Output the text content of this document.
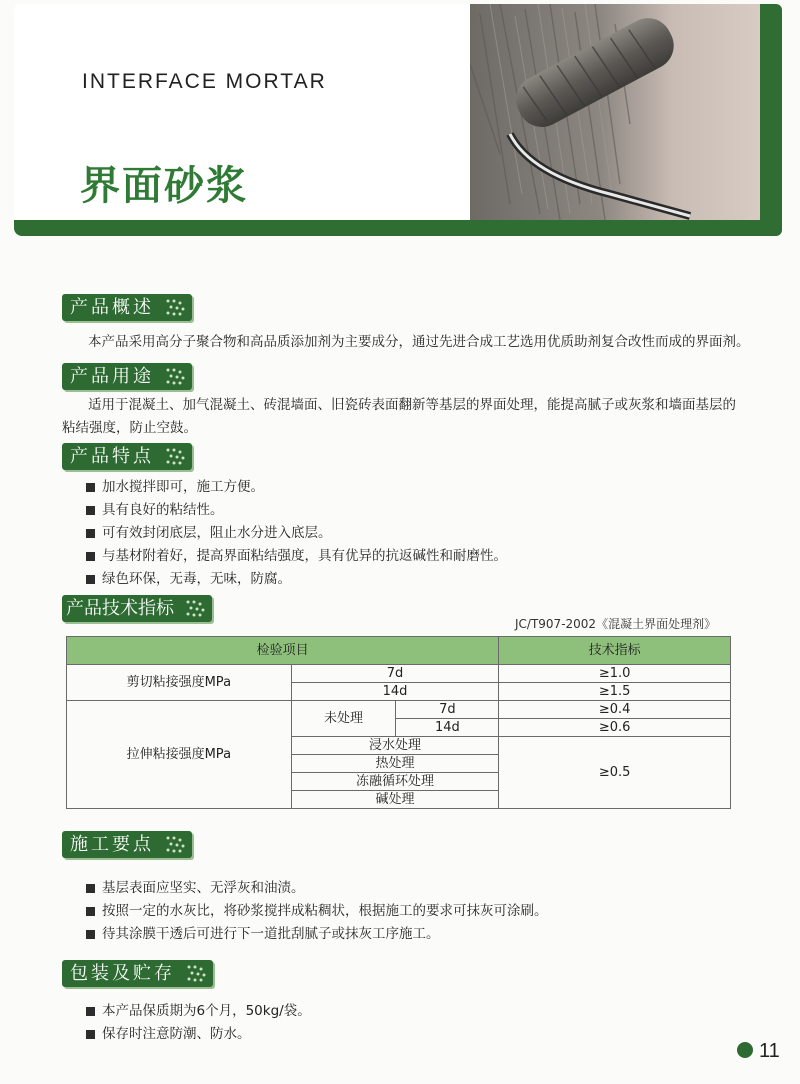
INTERFACE MORTAR
界面砂浆
产品概述
本产品采用高分子聚合物和高品质添加剂为主要成分，通过先进合成工艺选用优质助剂复合改性而成的界面剂。
产品用途
适用于混凝土、加气混凝土、砖混墙面、旧瓷砖表面翻新等基层的界面处理，能提高腻子或灰浆和墙面基层的
粘结强度，防止空鼓。
产品特点
加水搅拌即可，施工方便。
具有良好的粘结性。
可有效封闭底层，阻止水分进入底层。
与基材附着好，提高界面粘结强度，具有优异的抗返碱性和耐磨性。
绿色环保，无毒，无味，防腐。
产品技术指标
JC/T907-2002《混凝土界面处理剂》
检验项目			技术指标
剪切粘接强度MPa	7d		≥1.0
	14d		≥1.5
拉伸粘接强度MPa	未处理	7d	≥0.4
		14d	≥0.6
	浸水处理		≥0.5
	热处理		
	冻融循环处理		
	碱处理		
施工要点
基层表面应坚实、无浮灰和油渍。
按照一定的水灰比，将砂浆搅拌成粘稠状，根据施工的要求可抹灰可涂刷。
待其涂膜干透后可进行下一道批刮腻子或抹灰工序施工。
包装及贮存
本产品保质期为6个月，50kg/袋。
保存时注意防潮、防水。
11
